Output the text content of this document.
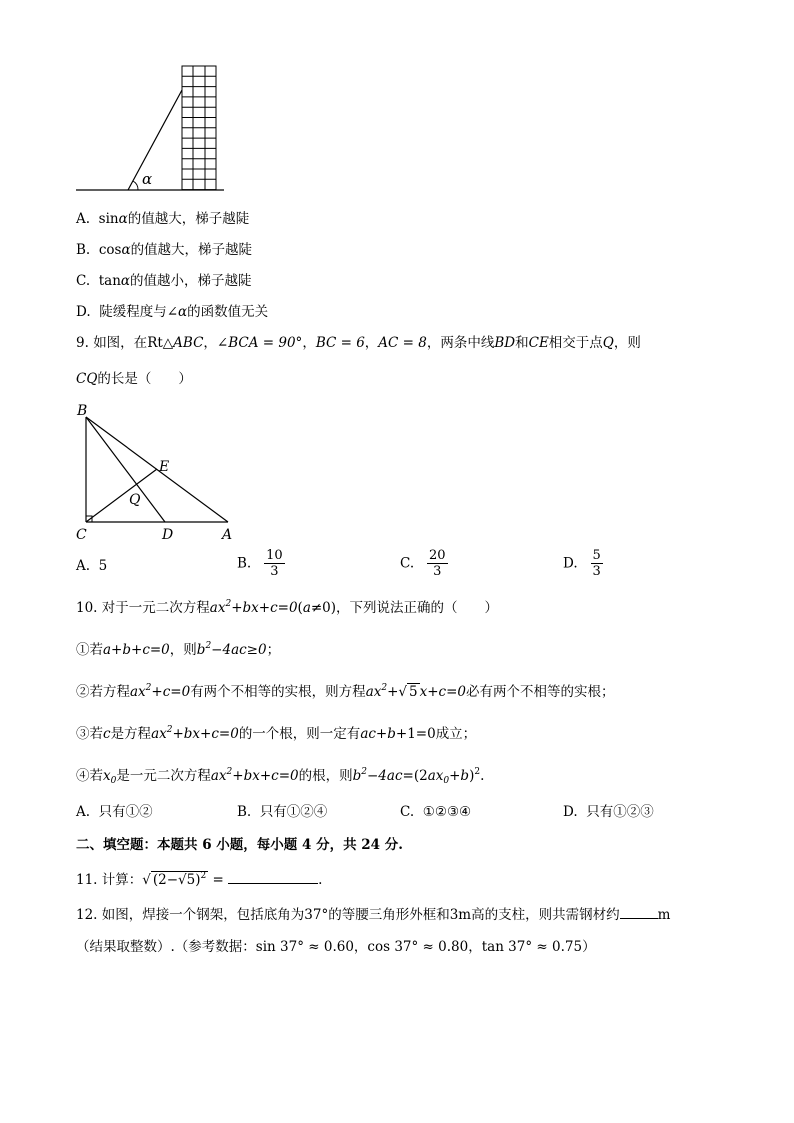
α
A. sinα的值越大，梯子越陡
B. cosα的值越大，梯子越陡
C. tanα的值越小，梯子越陡
D. 陡缓程度与∠α的函数值无关
9. 如图，在Rt△ABC，∠BCA = 90°，BC = 6，AC = 8，两条中线BD和CE相交于点Q，则
CQ的长是（　　）
B
E
Q
C	D	A
A. 5	B. $\frac{10}{3}$	C. $\frac{20}{3}$	D. $\frac{5}{3}$
10. 对于一元二次方程$ax^2+bx+c=0(a\ne 0)$，下列说法正确的（　　）
①若a+b+c=0，则$b^2-4ac\ge 0$；
②若方程$ax^2+c=0$有两个不相等的实根，则方程$ax^2+√$ 5 x+c=0必有两个不相等的实根；
③若c是方程$ax^2+bx+c=0$的一个根，则一定有ac+b+1=0成立；
④若$x_0$是一元二次方程$ax^2+bx+c=0$的根，则$b^2-4ac=(2ax_0+b)^2$.
A. 只有①②	B. 只有①②④	C. ①②③④	D. 只有①②③
二、填空题：本题共 6 小题，每小题 4 分，共 24 分.
11. 计算：√ $(2-√5)^2$ =	.
12. 如图，焊接一个钢架，包括底角为37°的等腰三角形外框和3m高的支柱，则共需钢材约	m
（结果取整数）.（参考数据：sin 37° ≈ 0.60，cos 37° ≈ 0.80，tan 37° ≈ 0.75）
